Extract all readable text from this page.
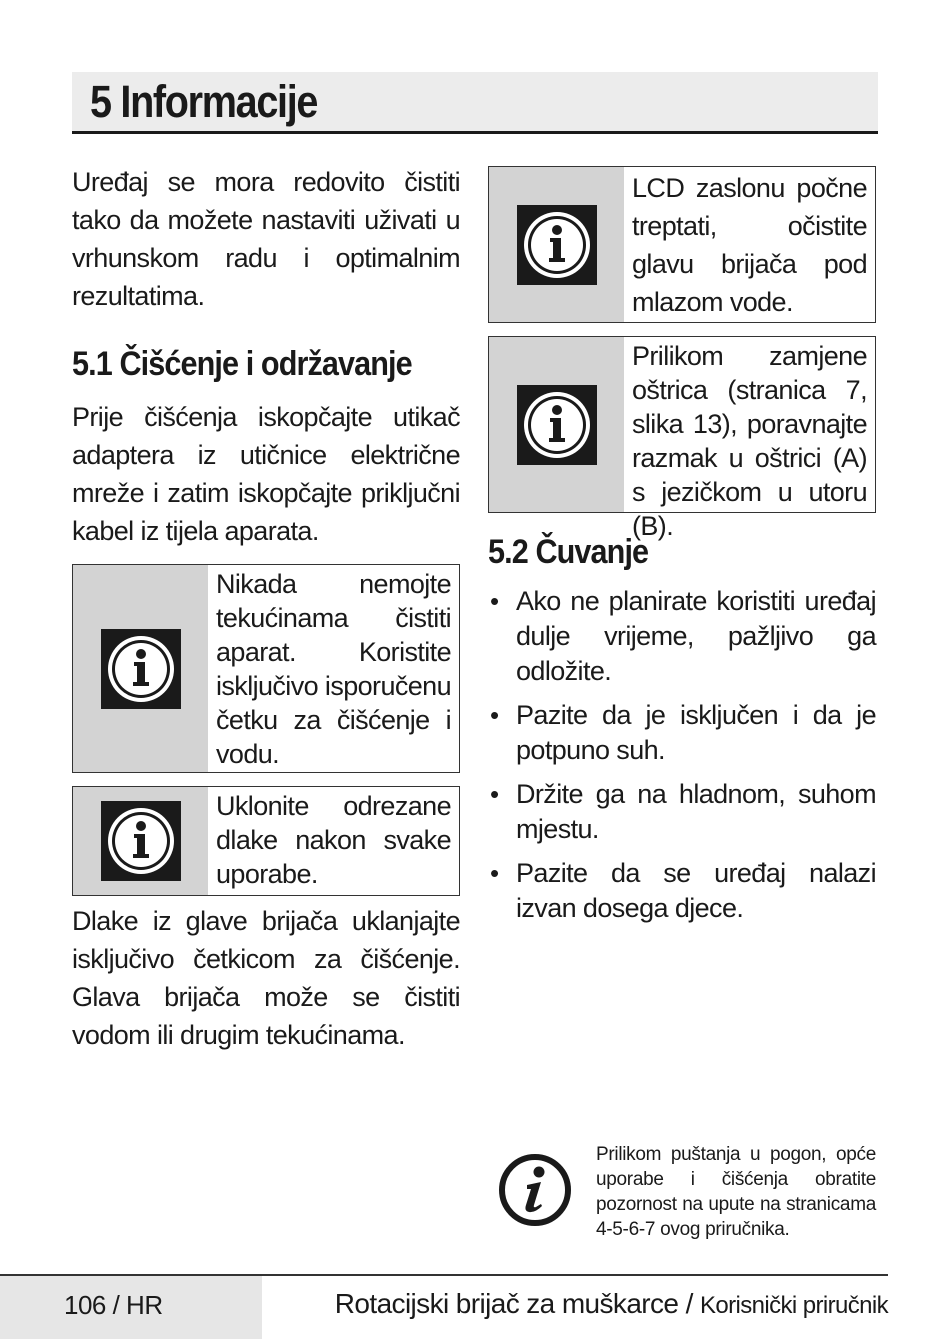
5 Informacije

Uređaj se mora redovito čistiti tako da možete nastaviti uživati u vrhunskom radu i optimalnim rezultatima.

5.1 Čišćenje i održavanje

Prije čišćenja iskopčajte utikač adaptera iz utičnice električne mreže i zatim iskopčajte priključni kabel iz tijela aparata.

Nikada nemojte tekućinama čistiti aparat. Koristite isključivo isporučenu četku za čišćenje i vodu.
Uklonite odrezane dlake nakon svake uporabe.

Dlake iz glave brijača uklanjajte isključivo četkicom za čišćenje. Glava brijača može se čistiti vodom ili drugim tekućinama.

LCD zaslonu počne treptati, očistite glavu brijača pod mlazom vode.
Prilikom zamjene oštrica (stranica 7, slika 13), poravnajte razmak u oštrici (A) s jezičkom u utoru (B).
5.2 Čuvanje
• Ako ne planirate koristiti uređaj dulje vrijeme, pažljivo ga odložite.
• Pazite da je isključen i da je potpuno suh.
• Držite ga na hladnom, suhom mjestu.
• Pazite da se uređaj nalazi izvan dosega djece.
Prilikom puštanja u pogon, opće uporabe i čišćenja obratite pozornost na upute na stranicama 4-5-6-7 ovog priručnika.
106 / HR	Rotacijski brijač za muškarce / Korisnički priručnik
